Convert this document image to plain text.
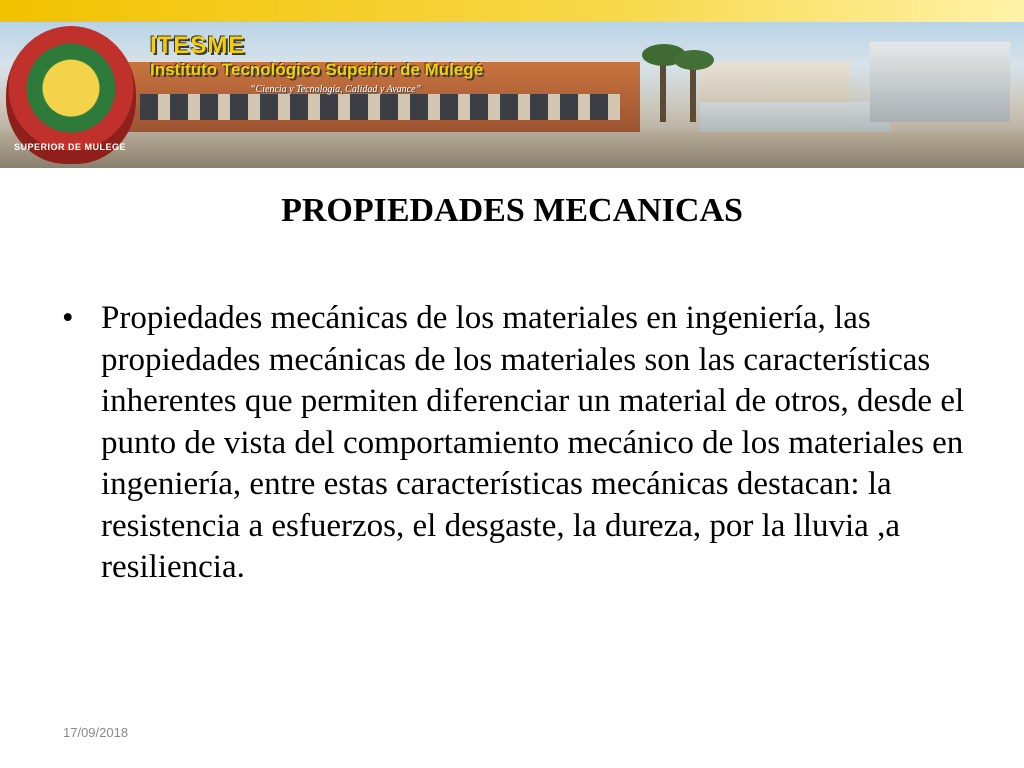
SUPERIOR DE MULEGE
ITESME
Instituto Tecnológico Superior de Mulegé
“Ciencia y Tecnología, Calidad y Avance”
PROPIEDADES MECANICAS
• Propiedades mecánicas de los materiales en ingeniería, las propiedades mecánicas de los materiales son las características inherentes que permiten diferenciar un material de otros, desde el punto de vista del comportamiento mecánico de los materiales en ingeniería, entre estas características mecánicas destacan: la resistencia a esfuerzos, el desgaste, la dureza, por la lluvia ,a resiliencia.
17/09/2018
